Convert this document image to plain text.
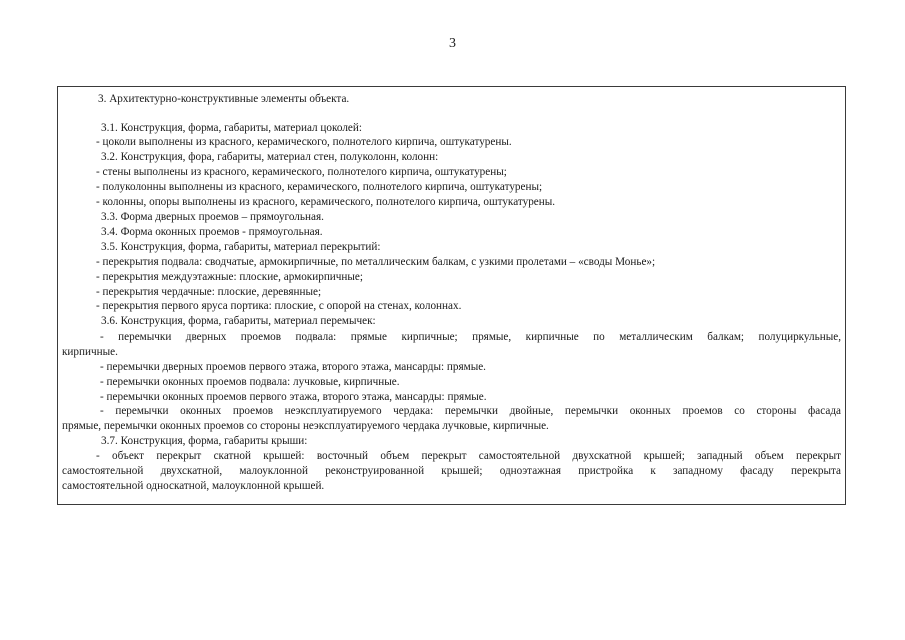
3
3. Архитектурно-конструктивные элементы объекта.
3.1. Конструкция, форма, габариты, материал цоколей:
- цоколи выполнены из красного, керамического, полнотелого кирпича, оштукатурены.
3.2. Конструкция, фора, габариты, материал стен, полуколонн, колонн:
- стены выполнены из красного, керамического, полнотелого кирпича, оштукатурены;
- полуколонны выполнены из красного, керамического, полнотелого кирпича, оштукатурены;
- колонны, опоры выполнены из красного, керамического, полнотелого кирпича, оштукатурены.
3.3. Форма дверных проемов – прямоугольная.
3.4. Форма оконных проемов - прямоугольная.
3.5. Конструкция, форма, габариты, материал перекрытий:
- перекрытия подвала: сводчатые, армокирпичные, по металлическим балкам, с узкими пролетами – «своды Монье»;
- перекрытия междуэтажные: плоские, армокирпичные;
- перекрытия чердачные: плоские, деревянные;
- перекрытия первого яруса портика: плоские, с опорой на стенах, колоннах.
3.6. Конструкция, форма, габариты, материал перемычек:
- перемычки дверных проемов подвала: прямые кирпичные; прямые, кирпичные по металлическим балкам; полуциркульные,
кирпичные.
- перемычки дверных проемов первого этажа, второго этажа, мансарды: прямые.
- перемычки оконных проемов подвала: лучковые, кирпичные.
- перемычки оконных проемов первого этажа, второго этажа, мансарды: прямые.
- перемычки оконных проемов неэксплуатируемого чердака: перемычки двойные, перемычки оконных проемов со стороны фасада
прямые, перемычки оконных проемов со стороны неэксплуатируемого чердака лучковые, кирпичные.
3.7. Конструкция, форма, габариты крыши:
- объект перекрыт скатной крышей: восточный объем перекрыт самостоятельной двухскатной крышей; западный объем перекрыт
самостоятельной двухскатной, малоуклонной реконструированной крышей; одноэтажная пристройка к западному фасаду перекрыта
самостоятельной односкатной, малоуклонной крышей.
